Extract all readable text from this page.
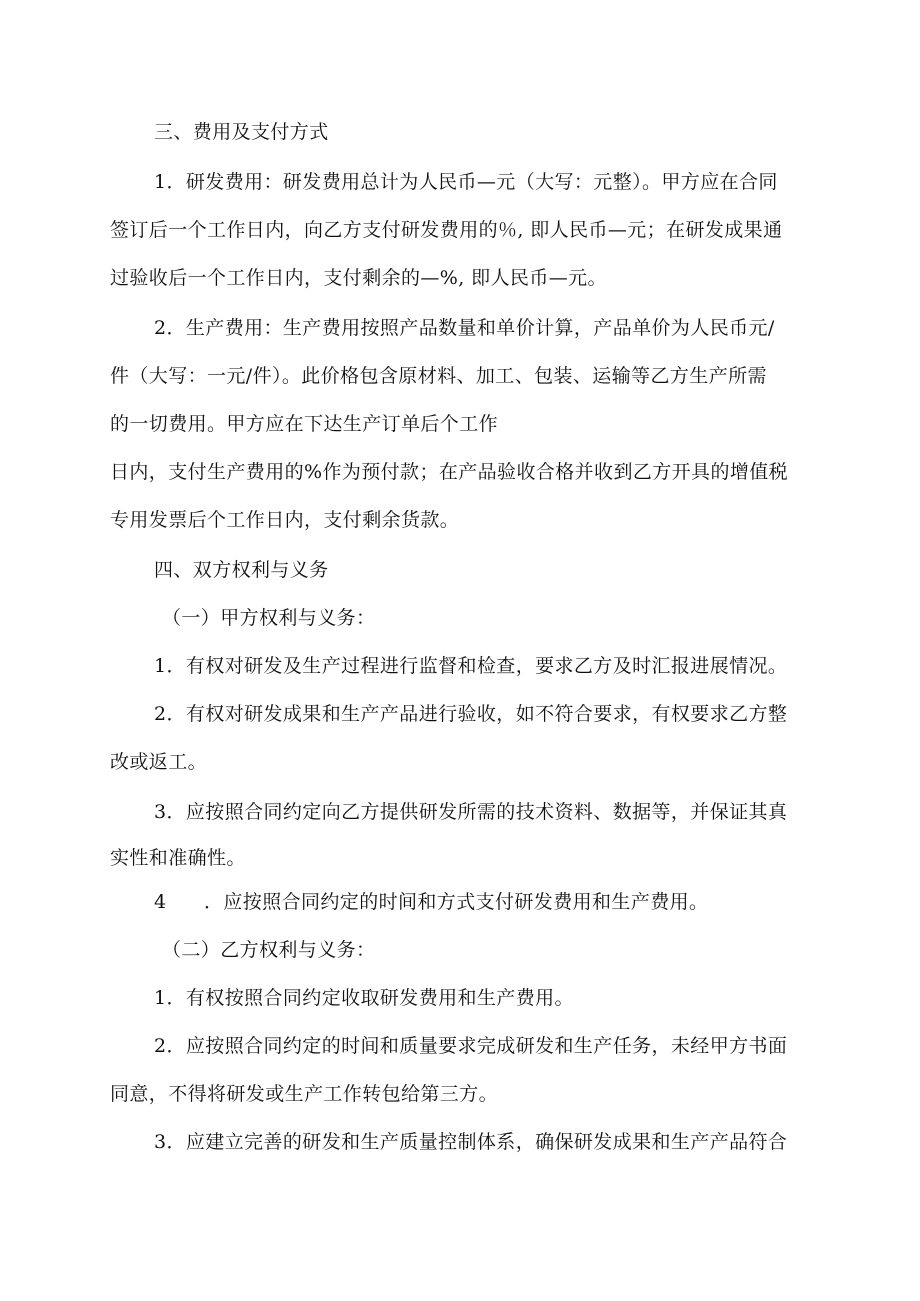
三、费用及支付方式
1．研发费用：研发费用总计为人民币—元（大写：元整）。甲方应在合同
签订后一个工作日内，向乙方支付研发费用的％, 即人民币—元；在研发成果通
过验收后一个工作日内，支付剩余的—%, 即人民币—元。
2．生产费用：生产费用按照产品数量和单价计算，产品单价为人民币元/
件（大写：一元/件）。此价格包含原材料、加工、包装、运输等乙方生产所需
的一切费用。甲方应在下达生产订单后个工作
日内，支付生产费用的%作为预付款；在产品验收合格并收到乙方开具的增值税
专用发票后个工作日内，支付剩余货款。
四、双方权利与义务
（一）甲方权利与义务：
1．有权对研发及生产过程进行监督和检查，要求乙方及时汇报进展情况。
2．有权对研发成果和生产产品进行验收，如不符合要求，有权要求乙方整
改或返工。
3．应按照合同约定向乙方提供研发所需的技术资料、数据等，并保证其真
实性和准确性。
4 ．应按照合同约定的时间和方式支付研发费用和生产费用。
（二）乙方权利与义务：
1．有权按照合同约定收取研发费用和生产费用。
2．应按照合同约定的时间和质量要求完成研发和生产任务，未经甲方书面
同意，不得将研发或生产工作转包给第三方。
3．应建立完善的研发和生产质量控制体系，确保研发成果和生产产品符合
